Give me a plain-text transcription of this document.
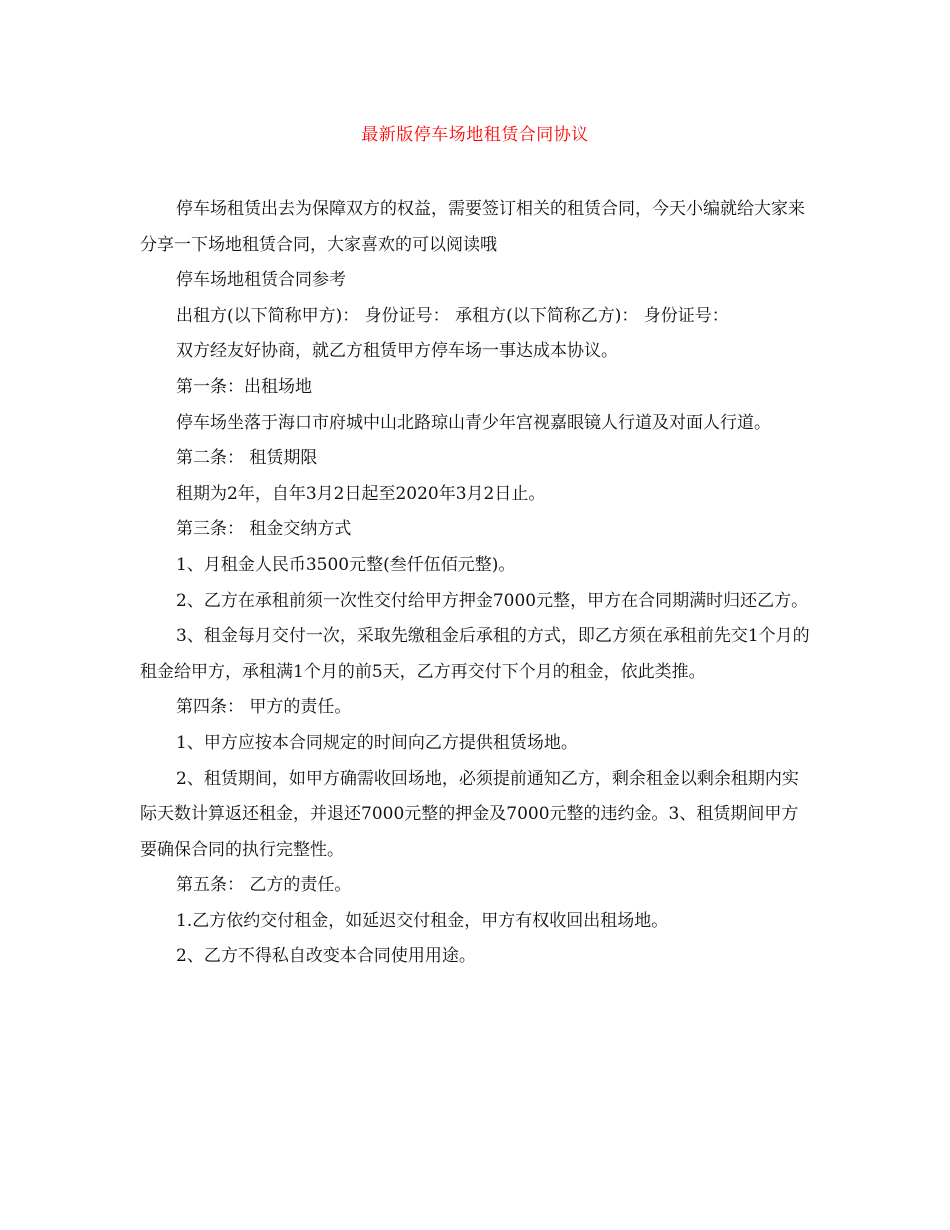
最新版停车场地租赁合同协议

停车场租赁出去为保障双方的权益，需要签订相关的租赁合同，今天小编就给大家来分享一下场地租赁合同，大家喜欢的可以阅读哦

停车场地租赁合同参考

出租方(以下简称甲方)： 身份证号： 承租方(以下简称乙方)： 身份证号：

双方经友好协商，就乙方租赁甲方停车场一事达成本协议。

第一条：出租场地

停车场坐落于海口市府城中山北路琼山青少年宫视嘉眼镜人行道及对面人行道。

第二条： 租赁期限

租期为2年，自年3月2日起至2020年3月2日止。

第三条： 租金交纳方式

1、月租金人民币3500元整(叁仟伍佰元整)。

2、乙方在承租前须一次性交付给甲方押金7000元整，甲方在合同期满时归还乙方。

3、租金每月交付一次，采取先缴租金后承租的方式，即乙方须在承租前先交1个月的租金给甲方，承租满1个月的前5天，乙方再交付下个月的租金，依此类推。

第四条： 甲方的责任。

1、甲方应按本合同规定的时间向乙方提供租赁场地。

2、租赁期间，如甲方确需收回场地，必须提前通知乙方，剩余租金以剩余租期内实际天数计算返还租金，并退还7000元整的押金及7000元整的违约金。3、租赁期间甲方要确保合同的执行完整性。

第五条： 乙方的责任。

1.乙方依约交付租金，如延迟交付租金，甲方有权收回出租场地。

2、乙方不得私自改变本合同使用用途。
